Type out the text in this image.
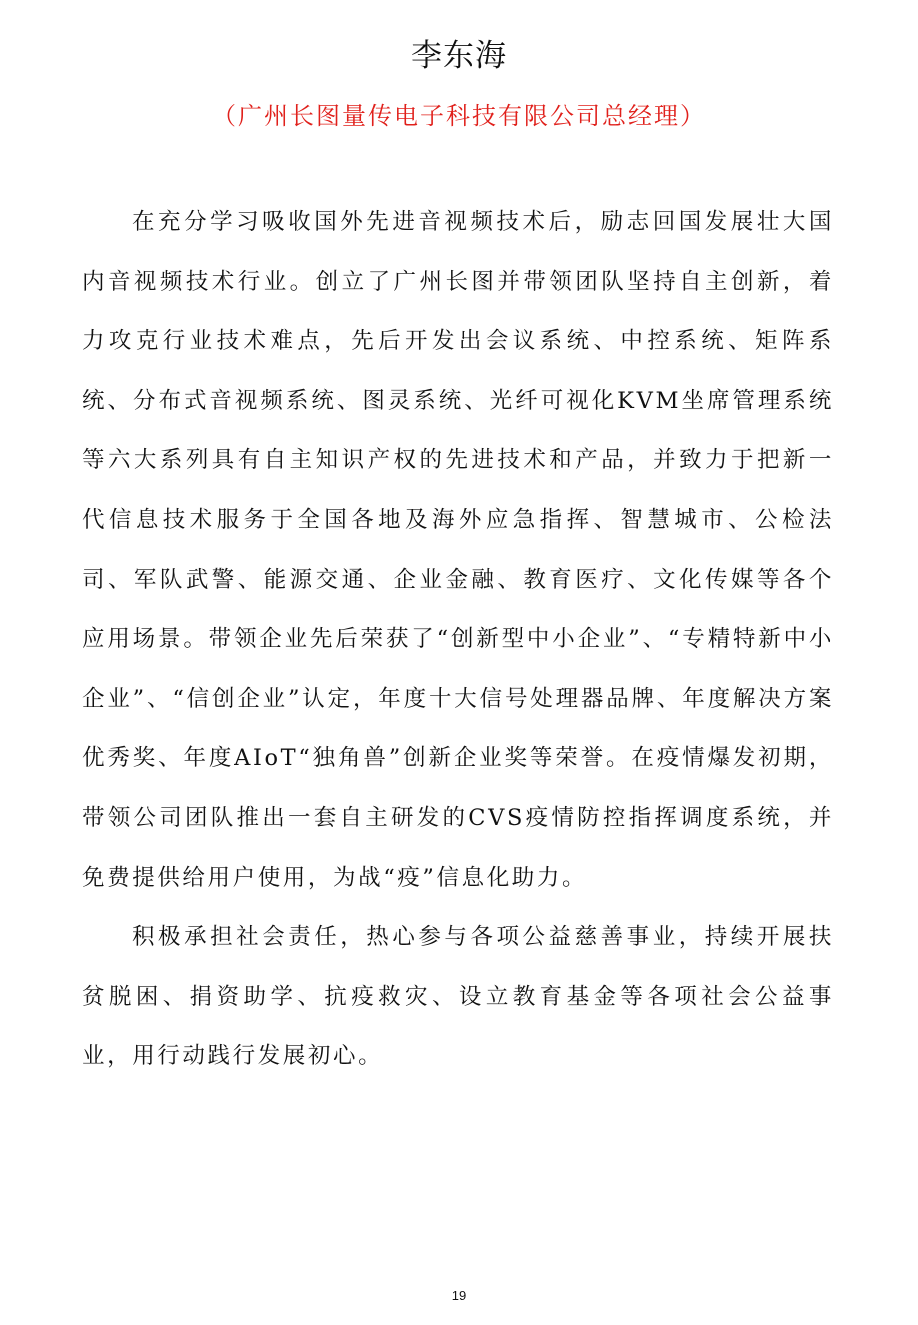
李东海
（广州长图量传电子科技有限公司总经理）

在充分学习吸收国外先进音视频技术后，励志回国发展壮大国内音视频技术行业。创立了广州长图并带领团队坚持自主创新，着力攻克行业技术难点，先后开发出会议系统、中控系统、矩阵系统、分布式音视频系统、图灵系统、光纤可视化KVM坐席管理系统等六大系列具有自主知识产权的先进技术和产品，并致力于把新一代信息技术服务于全国各地及海外应急指挥、智慧城市、公检法司、军队武警、能源交通、企业金融、教育医疗、文化传媒等各个应用场景。带领企业先后荣获了“创新型中小企业”、“专精特新中小企业”、“信创企业”认定，年度十大信号处理器品牌、年度解决方案优秀奖、年度AIoT“独角兽”创新企业奖等荣誉。在疫情爆发初期，带领公司团队推出一套自主研发的CVS疫情防控指挥调度系统，并免费提供给用户使用，为战“疫”信息化助力。

积极承担社会责任，热心参与各项公益慈善事业，持续开展扶贫脱困、捐资助学、抗疫救灾、设立教育基金等各项社会公益事业，用行动践行发展初心。

19
